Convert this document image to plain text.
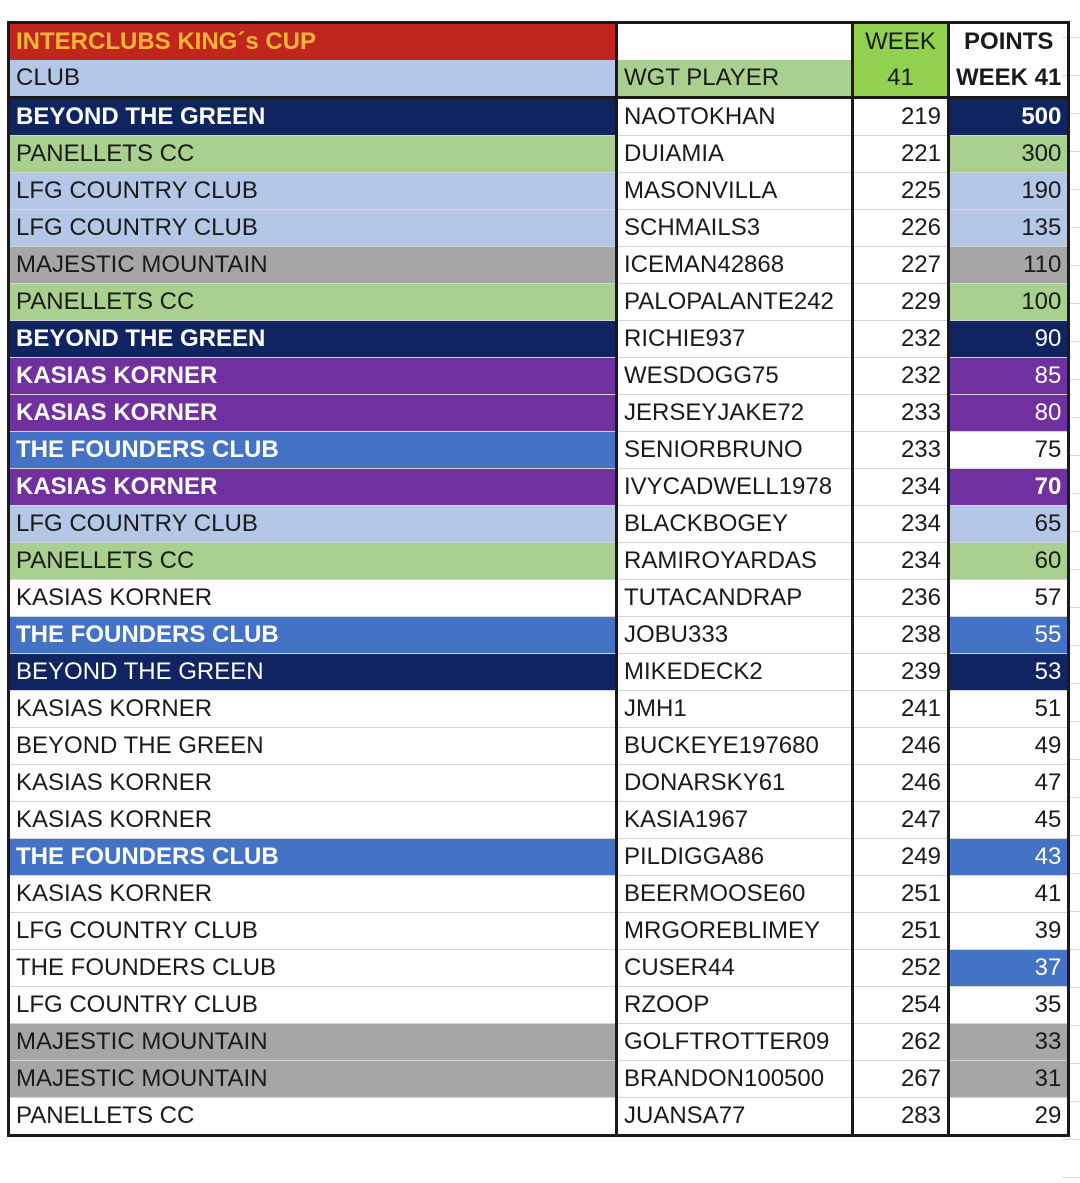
INTERCLUBS KING´s CUP		WEEK	POINTS
CLUB	WGT PLAYER	41	WEEK 41
BEYOND THE GREEN	NAOTOKHAN	219	500
PANELLETS CC	DUIAMIA	221	300
LFG COUNTRY CLUB	MASONVILLA	225	190
LFG COUNTRY CLUB	SCHMAILS3	226	135
MAJESTIC MOUNTAIN	ICEMAN42868	227	110
PANELLETS CC	PALOPALANTE242	229	100
BEYOND THE GREEN	RICHIE937	232	90
KASIAS KORNER	WESDOGG75	232	85
KASIAS KORNER	JERSEYJAKE72	233	80
THE FOUNDERS CLUB	SENIORBRUNO	233	75
KASIAS KORNER	IVYCADWELL1978	234	70
LFG COUNTRY CLUB	BLACKBOGEY	234	65
PANELLETS CC	RAMIROYARDAS	234	60
KASIAS KORNER	TUTACANDRAP	236	57
THE FOUNDERS CLUB	JOBU333	238	55
BEYOND THE GREEN	MIKEDECK2	239	53
KASIAS KORNER	JMH1	241	51
BEYOND THE GREEN	BUCKEYE197680	246	49
KASIAS KORNER	DONARSKY61	246	47
KASIAS KORNER	KASIA1967	247	45
THE FOUNDERS CLUB	PILDIGGA86	249	43
KASIAS KORNER	BEERMOOSE60	251	41
LFG COUNTRY CLUB	MRGOREBLIMEY	251	39
THE FOUNDERS CLUB	CUSER44	252	37
LFG COUNTRY CLUB	RZOOP	254	35
MAJESTIC MOUNTAIN	GOLFTROTTER09	262	33
MAJESTIC MOUNTAIN	BRANDON100500	267	31
PANELLETS CC	JUANSA77	283	29
